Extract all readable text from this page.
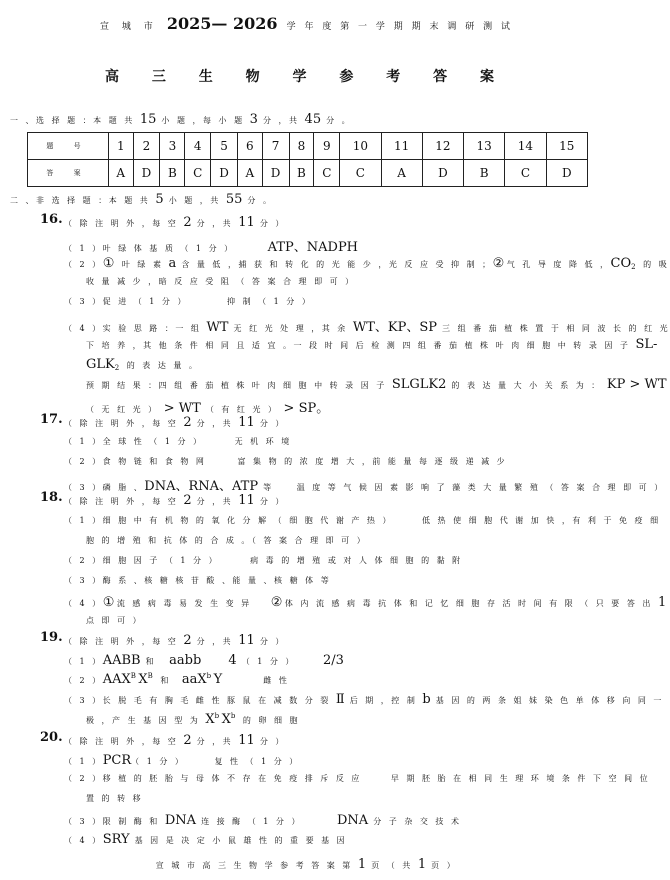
宣 城 市 2025— 2026 学 年 度 第 一 学 期 期 末 调 研 测 试
高 三 生 物 学 参 考 答 案
一 、选 择 题 ：本 题 共 15 小 题 ，每 小 题 3 分 ，共 45 分 。
题 号	1	2	3	4	5	6	7	8	9	10	11	12	13	14	15
答 案	A	D	B	C	D	A	D	B	C	C	A	D	B	C	D
二 、非 选 择 题 ：本 题 共 5 小 题 ，共 55 分 。
16. （ 除 注 明 外 ，每 空 2 分 ，共 11 分 ）
（ 1 ）叶 绿 体 基 质 （ 1 分 ）	ATP、NADPH
（ 2 ）① 叶 绿 素 a 含 量 低 ，捕 获 和 转 化 的 光 能 少 ，光 反 应 受 抑 制 ；②气 孔 导 度 降 低 ，CO2 的 吸
收 量 减 少 ，暗 反 应 受 阻 （ 答 案 合 理 即 可 ）
（ 3 ）促 进 （ 1 分 ）	抑 制 （ 1 分 ）
（ 4 ）实 验 思 路 ：一 组 WT 无 红 光 处 理 ，其 余 WT、KP、SP 三 组 番 茄 植 株 置 于 相 同 波 长 的 红 光
下 培 养 ，其 他 条 件 相 同 且 适 宜 。一 段 时 间 后 检 测 四 组 番 茄 植 株 叶 肉 细 胞 中 转 录 因 子 SL-
GLK2 的 表 达 量 。
预 期 结 果 ：四 组 番 茄 植 株 叶 肉 细 胞 中 转 录 因 子 SLGLK2 的 表 达 量 大 小 关 系 为 ： KP > WT
（ 无 红 光 ） > WT （ 有 红 光 ） > SP。
17. （ 除 注 明 外 ，每 空 2 分 ，共 11 分 ）
（ 1 ）全 球 性 （ 1 分 ）	无 机 环 境
（ 2 ）食 物 链 和 食 物 网	富 集 物 的 浓 度 增 大 ，前 能 量 每 逐 级 递 减 少
（ 3 ）磷 脂 、DNA、RNA、ATP 等	温 度 等 气 候 因 素 影 响 了 藻 类 大 量 繁 殖 （ 答 案 合 理 即 可 ）
18. （ 除 注 明 外 ，每 空 2 分 ，共 11 分 ）
（ 1 ）细 胞 中 有 机 物 的 氧 化 分 解 （ 细 胞 代 谢 产 热 ）	低 热 使 细 胞 代 谢 加 快 ，有 利 于 免 疫 细
胞 的 增 殖 和 抗 体 的 合 成 。（ 答 案 合 理 即 可 ）
（ 2 ）细 胞 因 子 （ 1 分 ）	病 毒 的 增 殖 或 对 人 体 细 胞 的 黏 附
（ 3 ）酶 系 、核 糖 核 苷 酸 、能 量 、核 糖 体 等
（ 4 ）①流 感 病 毒 易 发 生 变 异 ②体 内 流 感 病 毒 抗 体 和 记 忆 细 胞 存 活 时 间 有 限 （ 只 要 答 出 1
点 即 可 ）
19. （ 除 注 明 外 ，每 空 2 分 ，共 11 分 ）
（ 1 ）AABB 和 aabb 4 （ 1 分 ） 2/3
（ 2 ）AAXBXB 和 aaXbY	雌 性
（ 3 ）长 脱 毛 有 胸 毛 雌 性 豚 鼠 在 减 数 分 裂 Ⅱ 后 期 ，控 制 b 基 因 的 两 条 姐 妹 染 色 单 体 移 向 同 一
极 ，产 生 基 因 型 为 XbXb 的 卵 细 胞
20. （ 除 注 明 外 ，每 空 2 分 ，共 11 分 ）
（ 1 ）PCR（ 1 分 ）	复 性 （ 1 分 ）
（ 2 ）移 植 的 胚 胎 与 母 体 不 存 在 免 疫 排 斥 反 应	早 期 胚 胎 在 相 同 生 理 环 境 条 件 下 空 间 位
置 的 转 移
（ 3 ）限 制 酶 和 DNA 连 接 酶 （ 1 分 ）	DNA 分 子 杂 交 技 术
（ 4 ）SRY 基 因 是 决 定 小 鼠 雄 性 的 重 要 基 因
宣 城 市 高 三 生 物 学 参 考 答 案 第 1 页 （ 共 1 页 ）
